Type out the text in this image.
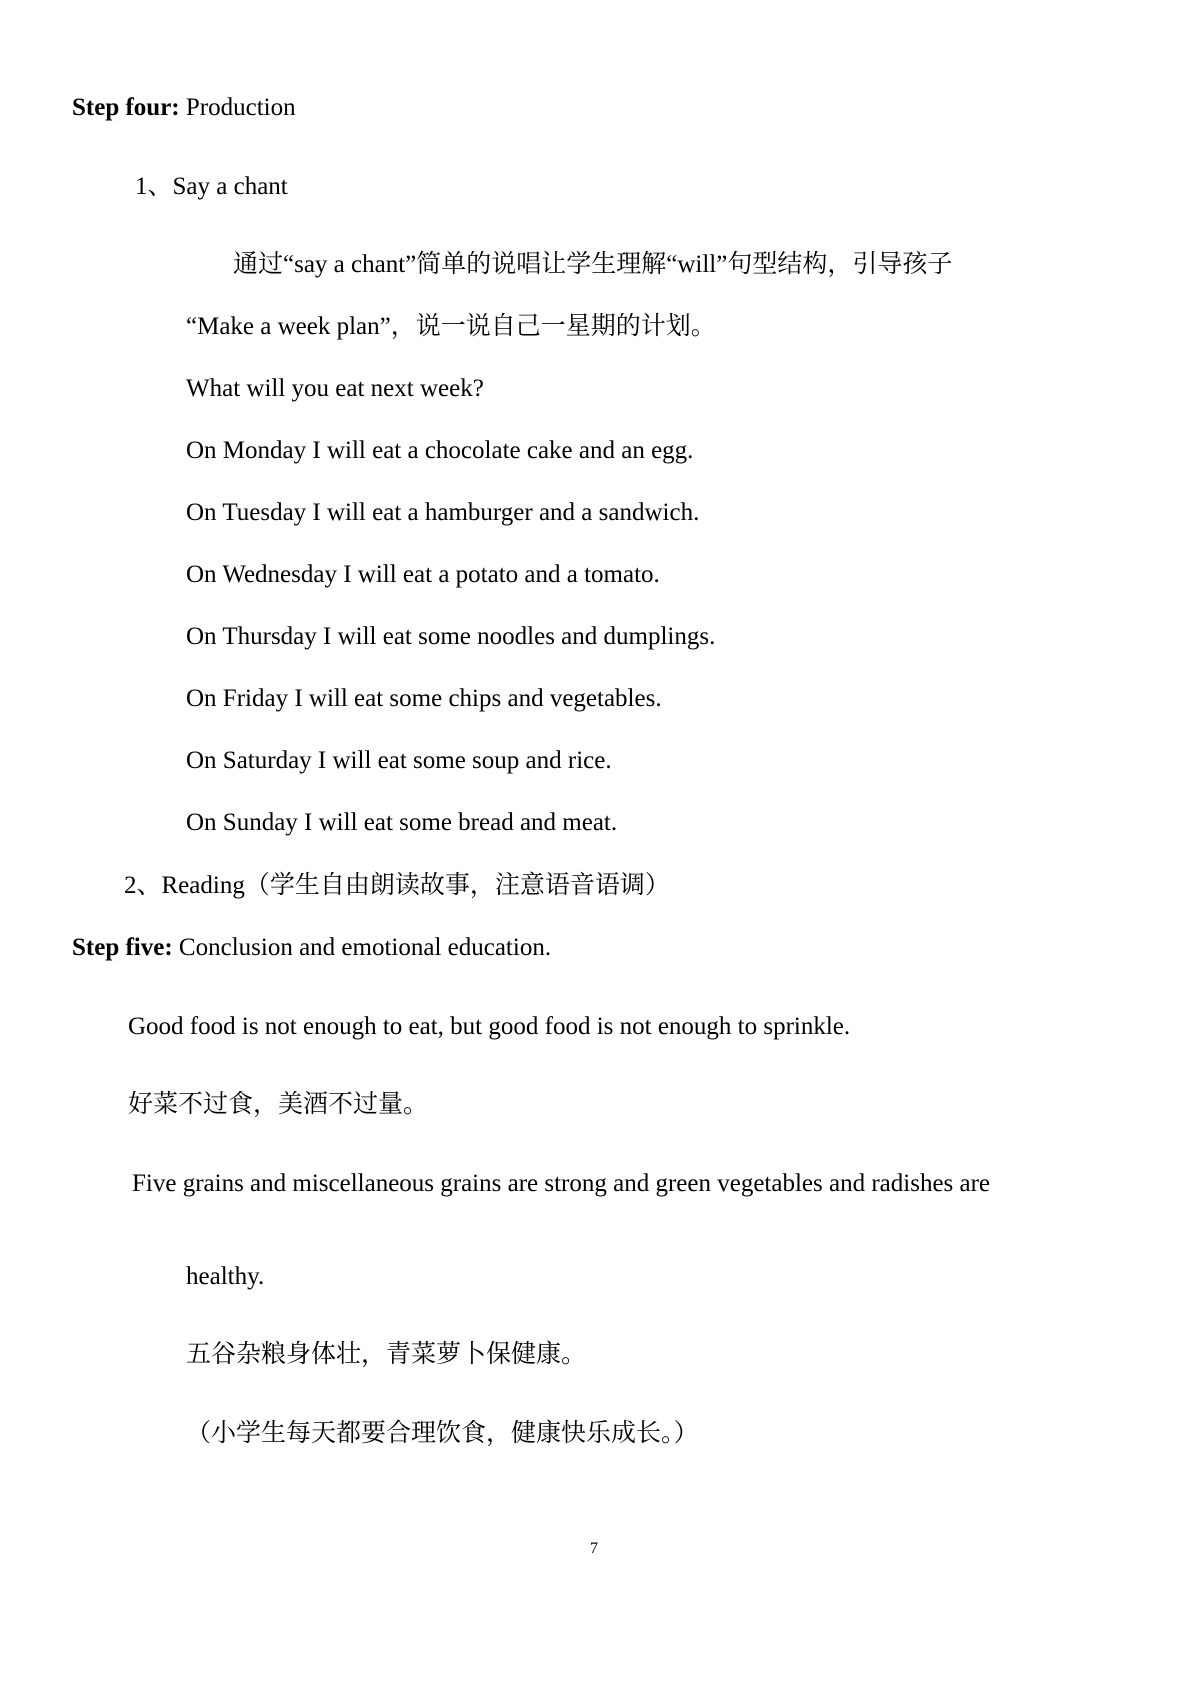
Step four: Production
1、Say a chant
通过“say a chant”简单的说唱让学生理解“will”句型结构，引导孩子
“Make a week plan”，说一说自己一星期的计划。
What will you eat next week?
On Monday I will eat a chocolate cake and an egg.
On Tuesday I will eat a hamburger and a sandwich.
On Wednesday I will eat a potato and a tomato.
On Thursday I will eat some noodles and dumplings.
On Friday I will eat some chips and vegetables.
On Saturday I will eat some soup and rice.
On Sunday I will eat some bread and meat.
2、Reading（学生自由朗读故事，注意语音语调）
Step five: Conclusion and emotional education.
Good food is not enough to eat, but good food is not enough to sprinkle.
好菜不过食，美酒不过量。
Five grains and miscellaneous grains are strong and green vegetables and radishes are
healthy.
五谷杂粮身体壮，青菜萝卜保健康。
（小学生每天都要合理饮食，健康快乐成长。）
7
